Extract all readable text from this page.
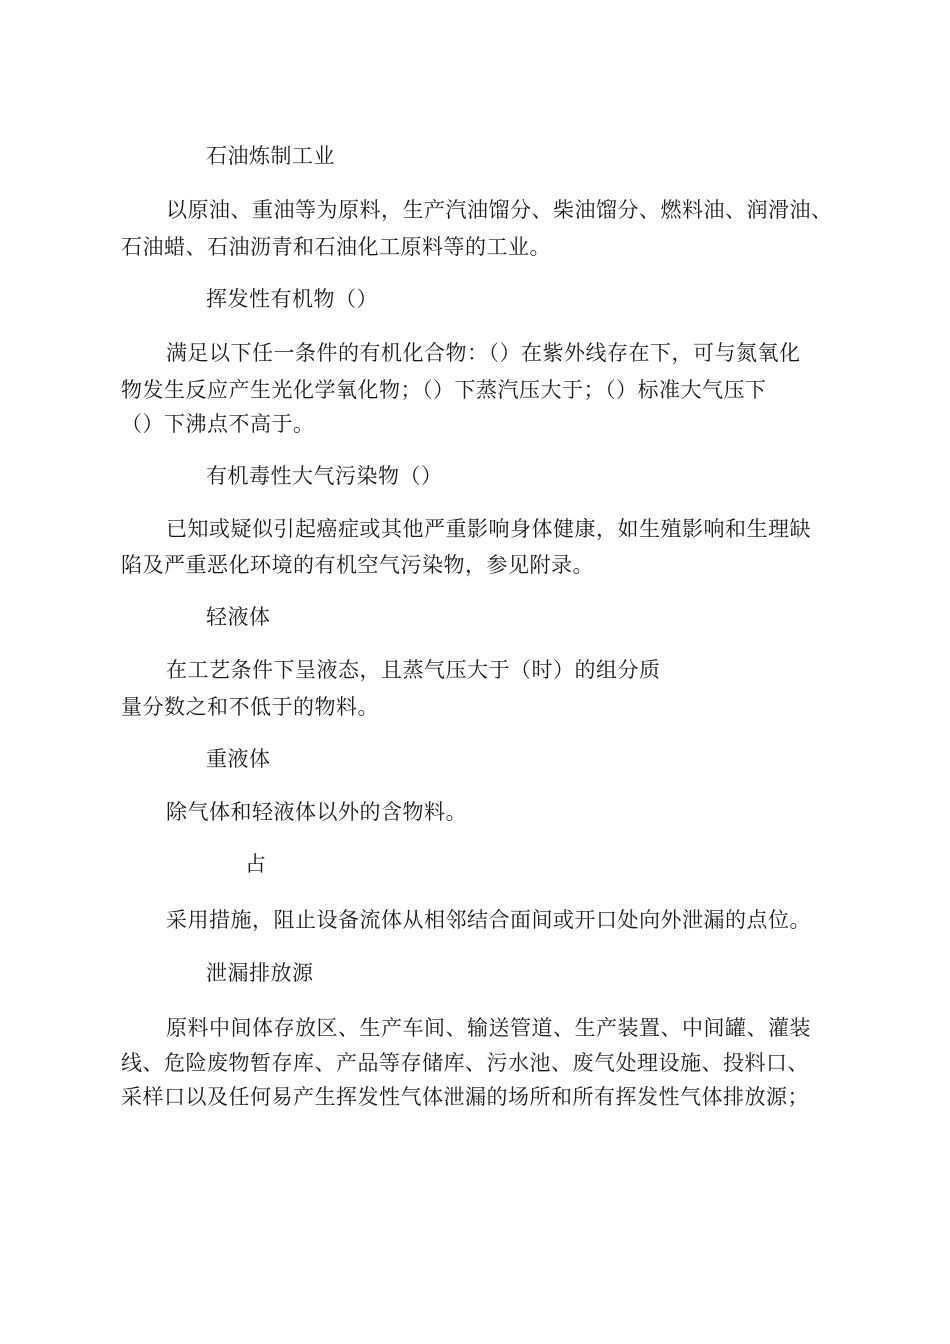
石油炼制工业
以原油、重油等为原料，生产汽油馏分、柴油馏分、燃料油、润滑油、
石油蜡、石油沥青和石油化工原料等的工业。
挥发性有机物（）
满足以下任一条件的有机化合物：（）在紫外线存在下，可与氮氧化
物发生反应产生光化学氧化物；（）下蒸汽压大于；（）标准大气压下
（）下沸点不高于。
有机毒性大气污染物（）
已知或疑似引起癌症或其他严重影响身体健康，如生殖影响和生理缺
陷及严重恶化环境的有机空气污染物，参见附录。
轻液体
在工艺条件下呈液态，且蒸气压大于（时）的组分质
量分数之和不低于的物料。
重液体
除气体和轻液体以外的含物料。
占
采用措施，阻止设备流体从相邻结合面间或开口处向外泄漏的点位。
泄漏排放源
原料中间体存放区、生产车间、输送管道、生产装置、中间罐、灌装
线、危险废物暂存库、产品等存储库、污水池、废气处理设施、投料口、
采样口以及任何易产生挥发性气体泄漏的场所和所有挥发性气体排放源；
